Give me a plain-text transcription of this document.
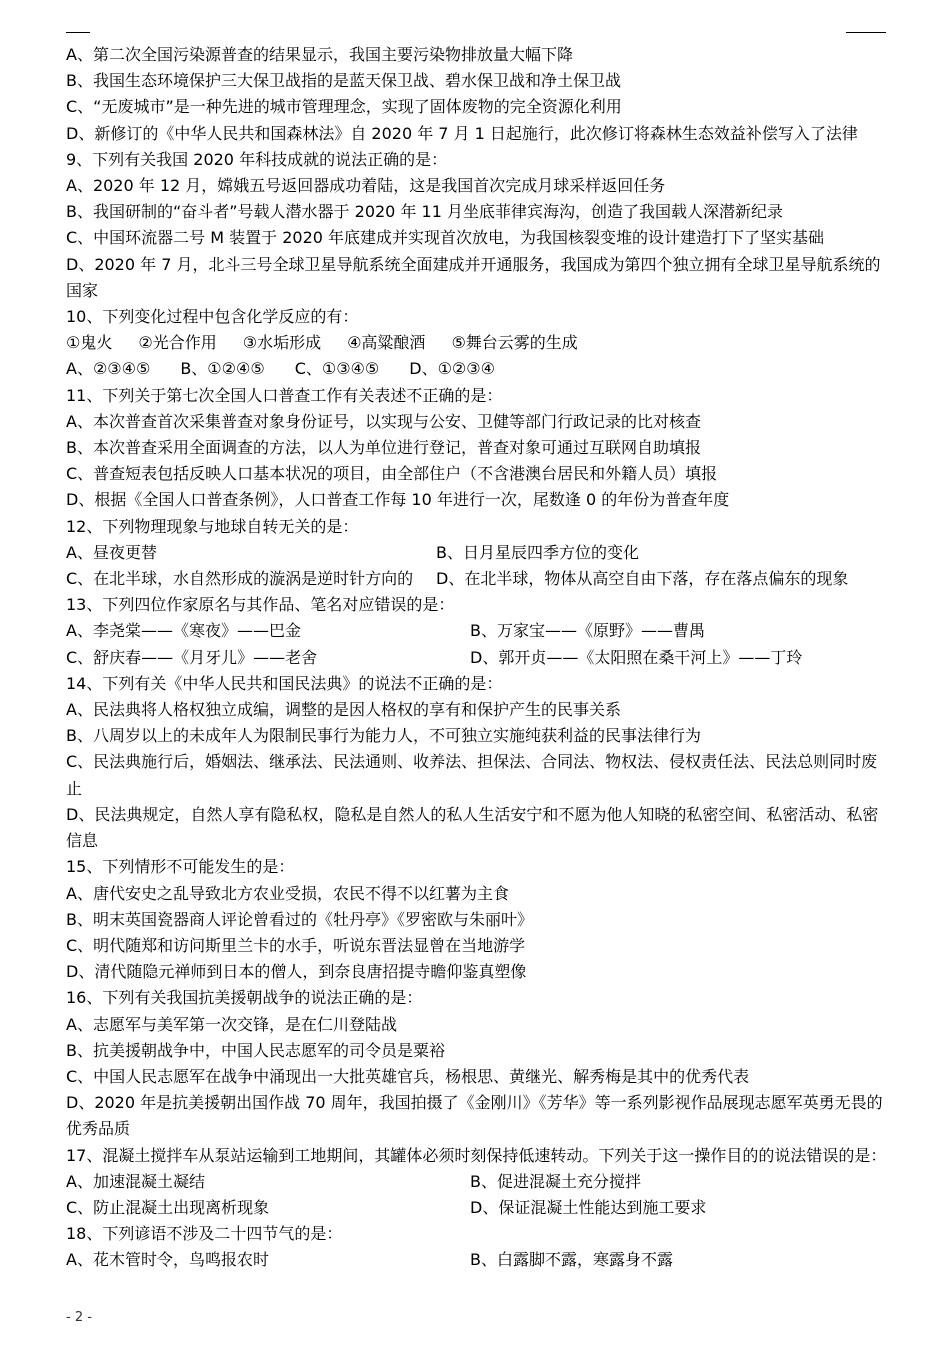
A、第二次全国污染源普查的结果显示，我国主要污染物排放量大幅下降
B、我国生态环境保护三大保卫战指的是蓝天保卫战、碧水保卫战和净土保卫战
C、“无废城市”是一种先进的城市管理理念，实现了固体废物的完全资源化利用
D、新修订的《中华人民共和国森林法》自 2020 年 7 月 1 日起施行，此次修订将森林生态效益补偿写入了法律
9、下列有关我国 2020 年科技成就的说法正确的是：
A、2020 年 12 月，嫦娥五号返回器成功着陆，这是我国首次完成月球采样返回任务
B、我国研制的“奋斗者”号载人潜水器于 2020 年 11 月坐底菲律宾海沟，创造了我国载人深潜新纪录
C、中国环流器二号 M 装置于 2020 年底建成并实现首次放电，为我国核裂变堆的设计建造打下了坚实基础
D、2020 年 7 月，北斗三号全球卫星导航系统全面建成并开通服务，我国成为第四个独立拥有全球卫星导航系统的国家
10、下列变化过程中包含化学反应的有：
①鬼火 ②光合作用 ③水垢形成 ④高粱酿酒 ⑤舞台云雾的生成
A、②③④⑤ B、①②④⑤ C、①③④⑤ D、①②③④
11、下列关于第七次全国人口普查工作有关表述不正确的是：
A、本次普查首次采集普查对象身份证号，以实现与公安、卫健等部门行政记录的比对核查
B、本次普查采用全面调查的方法，以人为单位进行登记，普查对象可通过互联网自助填报
C、普查短表包括反映人口基本状况的项目，由全部住户（不含港澳台居民和外籍人员）填报
D、根据《全国人口普查条例》，人口普查工作每 10 年进行一次，尾数逢 0 的年份为普查年度
12、下列物理现象与地球自转无关的是：
A、昼夜更替	B、日月星辰四季方位的变化
C、在北半球，水自然形成的漩涡是逆时针方向的	D、在北半球，物体从高空自由下落，存在落点偏东的现象
13、下列四位作家原名与其作品、笔名对应错误的是：
A、李尧棠——《寒夜》——巴金	B、万家宝——《原野》——曹禺
C、舒庆春——《月牙儿》——老舍	D、郭开贞——《太阳照在桑干河上》——丁玲
14、下列有关《中华人民共和国民法典》的说法不正确的是：
A、民法典将人格权独立成编，调整的是因人格权的享有和保护产生的民事关系
B、八周岁以上的未成年人为限制民事行为能力人，不可独立实施纯获利益的民事法律行为
C、民法典施行后，婚姻法、继承法、民法通则、收养法、担保法、合同法、物权法、侵权责任法、民法总则同时废止
D、民法典规定，自然人享有隐私权，隐私是自然人的私人生活安宁和不愿为他人知晓的私密空间、私密活动、私密信息
15、下列情形不可能发生的是：
A、唐代安史之乱导致北方农业受损，农民不得不以红薯为主食
B、明末英国瓷器商人评论曾看过的《牡丹亭》《罗密欧与朱丽叶》
C、明代随郑和访问斯里兰卡的水手，听说东晋法显曾在当地游学
D、清代随隐元禅师到日本的僧人，到奈良唐招提寺瞻仰鉴真塑像
16、下列有关我国抗美援朝战争的说法正确的是：
A、志愿军与美军第一次交锋，是在仁川登陆战
B、抗美援朝战争中，中国人民志愿军的司令员是粟裕
C、中国人民志愿军在战争中涌现出一大批英雄官兵，杨根思、黄继光、解秀梅是其中的优秀代表
D、2020 年是抗美援朝出国作战 70 周年，我国拍摄了《金刚川》《芳华》等一系列影视作品展现志愿军英勇无畏的优秀品质
17、混凝土搅拌车从泵站运输到工地期间，其罐体必须时刻保持低速转动。下列关于这一操作目的的说法错误的是：
A、加速混凝土凝结	B、促进混凝土充分搅拌
C、防止混凝土出现离析现象	D、保证混凝土性能达到施工要求
18、下列谚语不涉及二十四节气的是：
A、花木管时令，鸟鸣报农时	B、白露脚不露，寒露身不露
- 2 -
